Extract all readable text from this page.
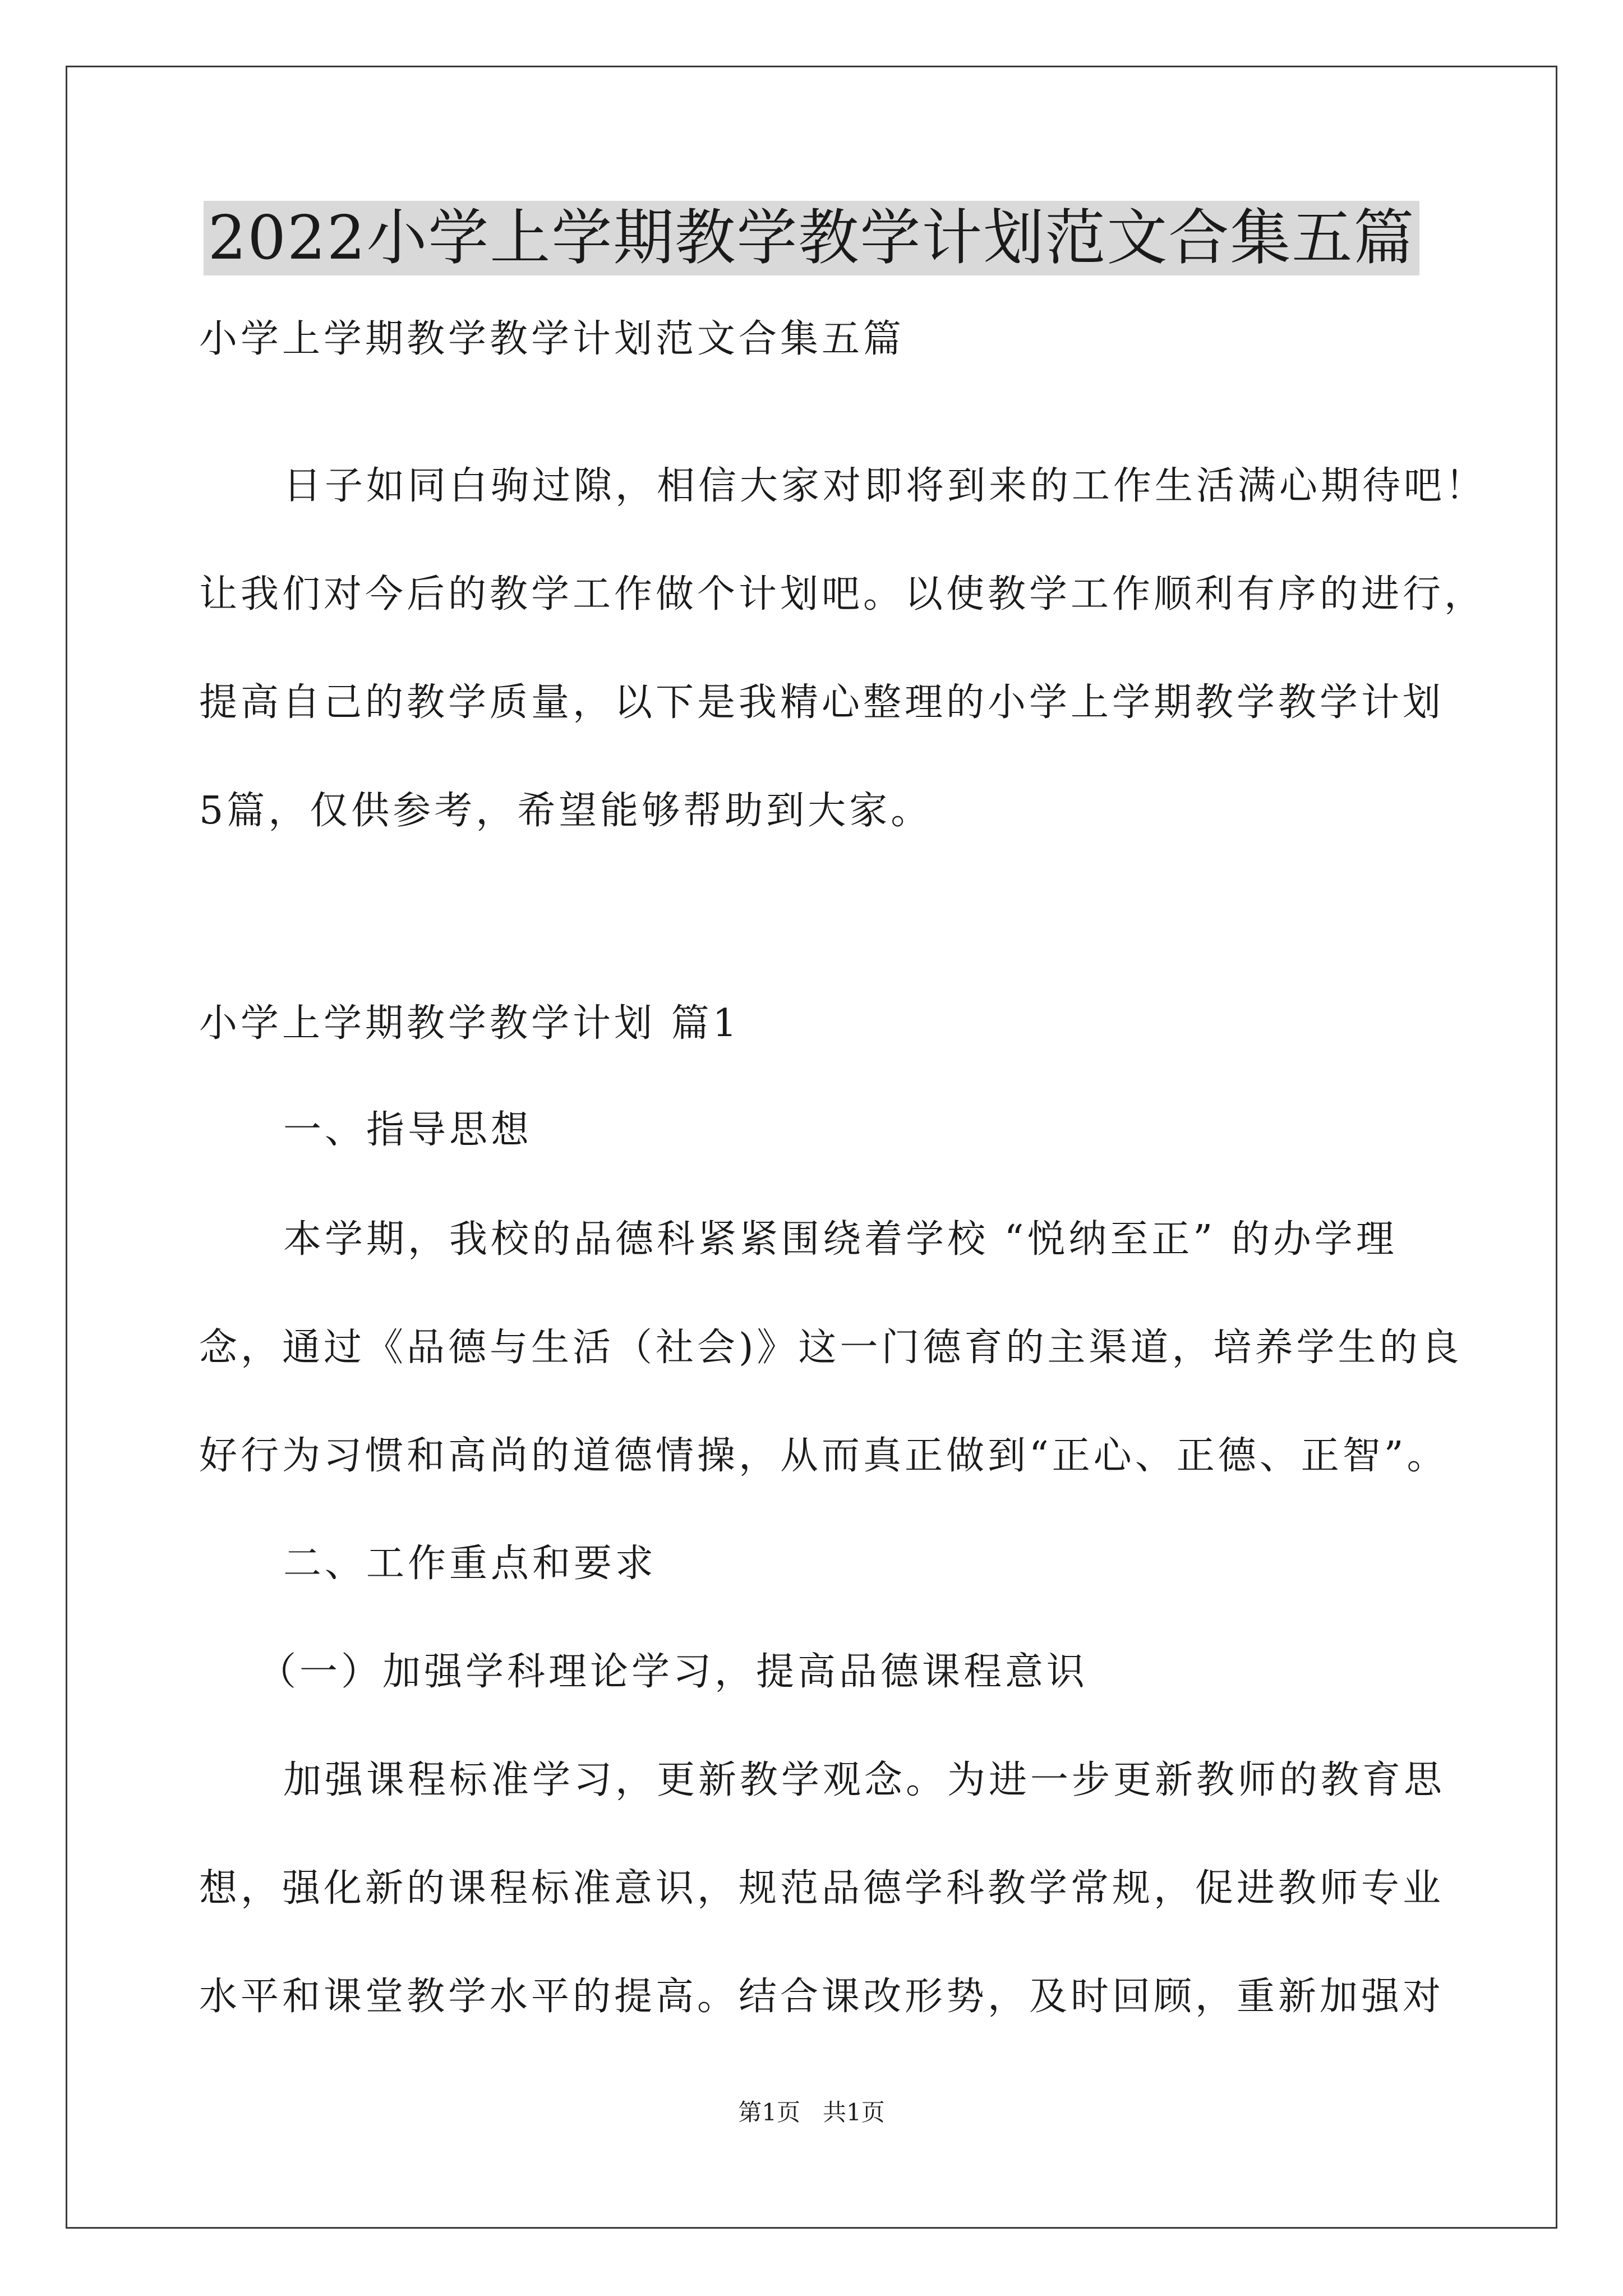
2022小学上学期教学教学计划范文合集五篇
小学上学期教学教学计划范文合集五篇
日子如同白驹过隙，相信大家对即将到来的工作生活满心期待吧！
让我们对今后的教学工作做个计划吧。以使教学工作顺利有序的进行，
提高自己的教学质量，以下是我精心整理的小学上学期教学教学计划
5篇，仅供参考，希望能够帮助到大家。
小学上学期教学教学计划 篇1
一、指导思想
本学期，我校的品德科紧紧围绕着学校 “悦纳至正” 的办学理
念，通过《品德与生活（社会)》这一门德育的主渠道，培养学生的良
好行为习惯和高尚的道德情操，从而真正做到“正心、正德、正智”。
二、工作重点和要求
（一）加强学科理论学习，提高品德课程意识
加强课程标准学习，更新教学观念。为进一步更新教师的教育思
想，强化新的课程标准意识，规范品德学科教学常规，促进教师专业
水平和课堂教学水平的提高。结合课改形势，及时回顾，重新加强对
第1页   共1页
